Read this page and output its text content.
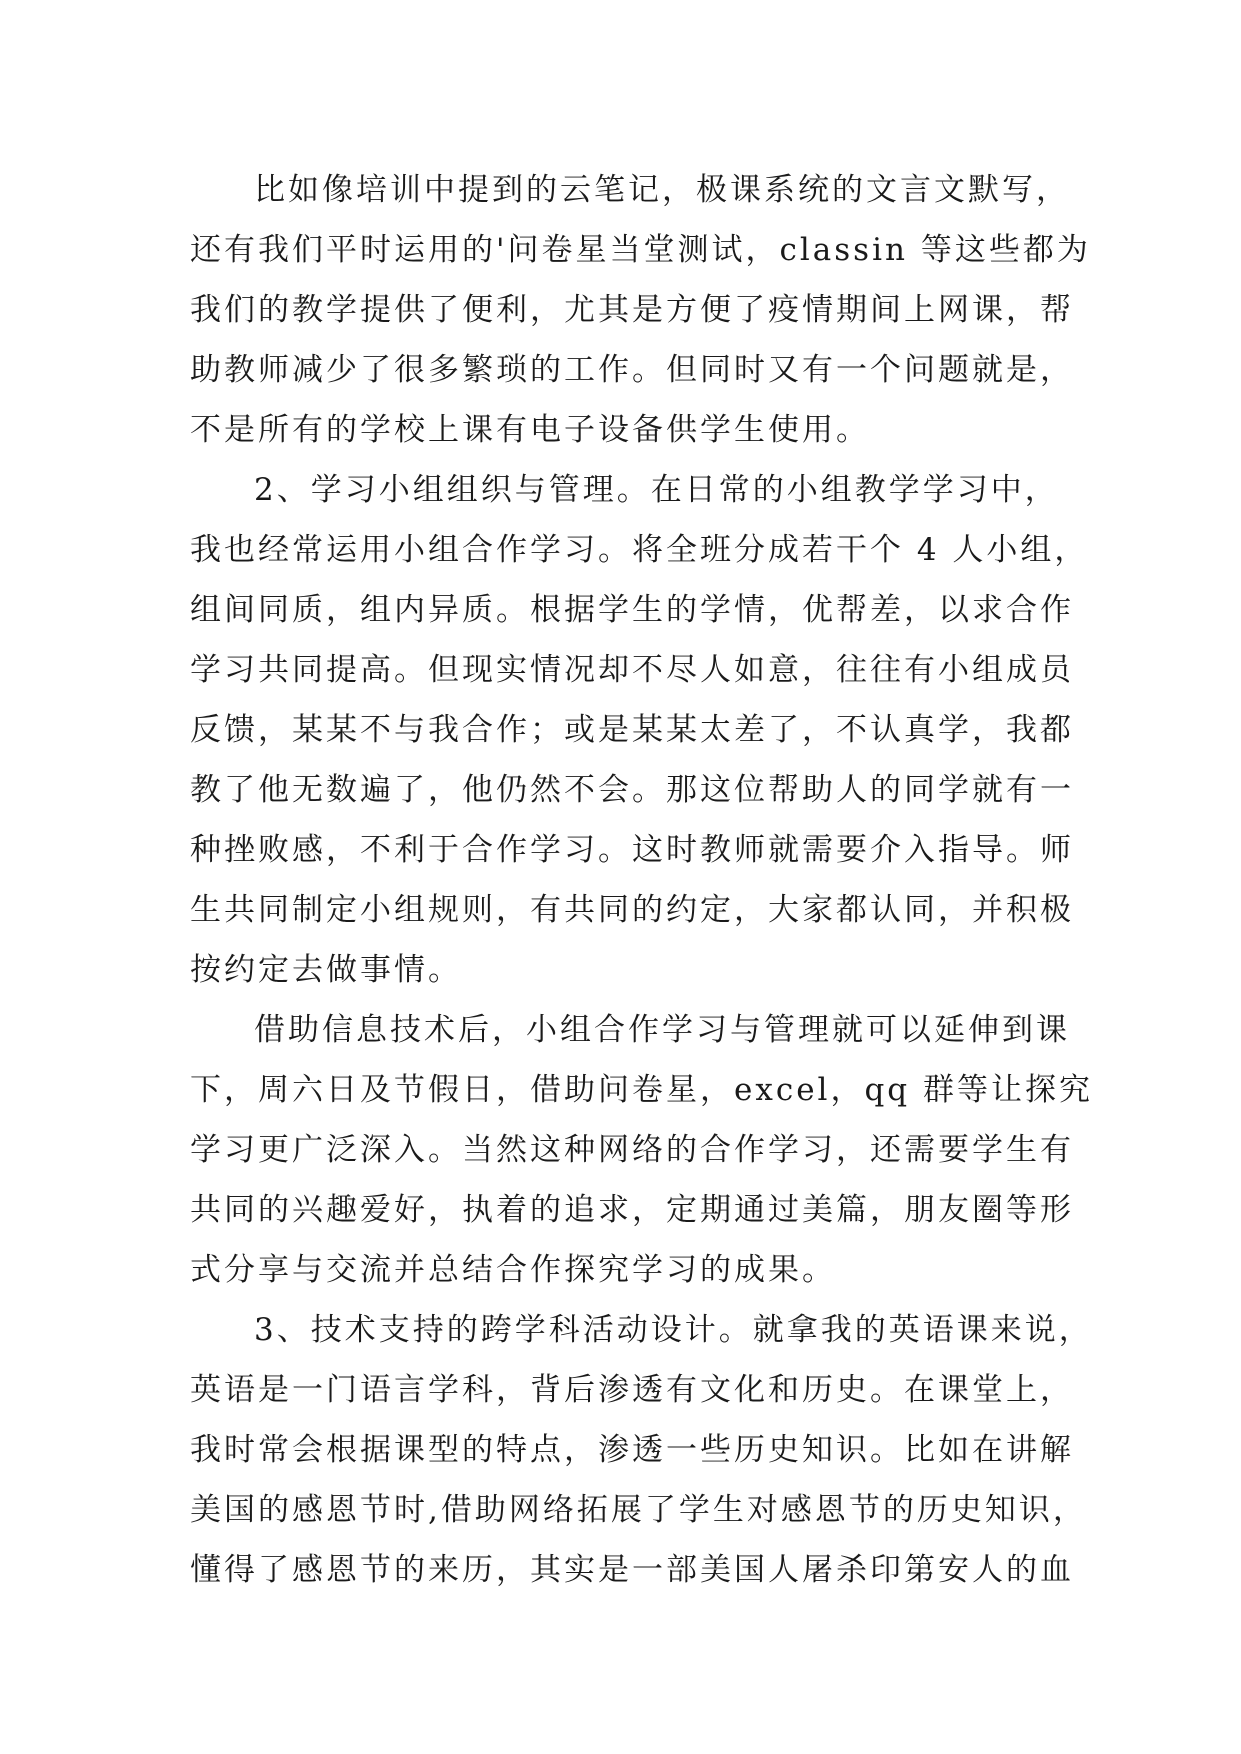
比如像培训中提到的云笔记，极课系统的文言文默写，
还有我们平时运用的'问卷星当堂测试，classin 等这些都为
我们的教学提供了便利，尤其是方便了疫情期间上网课，帮
助教师减少了很多繁琐的工作。但同时又有一个问题就是，
不是所有的学校上课有电子设备供学生使用。
2、学习小组组织与管理。在日常的小组教学学习中，
我也经常运用小组合作学习。将全班分成若干个 4 人小组，
组间同质，组内异质。根据学生的学情，优帮差，以求合作
学习共同提高。但现实情况却不尽人如意，往往有小组成员
反馈，某某不与我合作；或是某某太差了，不认真学，我都
教了他无数遍了，他仍然不会。那这位帮助人的同学就有一
种挫败感，不利于合作学习。这时教师就需要介入指导。师
生共同制定小组规则，有共同的约定，大家都认同，并积极
按约定去做事情。
借助信息技术后，小组合作学习与管理就可以延伸到课
下，周六日及节假日，借助问卷星，excel，qq 群等让探究
学习更广泛深入。当然这种网络的合作学习，还需要学生有
共同的兴趣爱好，执着的追求，定期通过美篇，朋友圈等形
式分享与交流并总结合作探究学习的成果。
3、技术支持的跨学科活动设计。就拿我的英语课来说，
英语是一门语言学科，背后渗透有文化和历史。在课堂上，
我时常会根据课型的特点，渗透一些历史知识。比如在讲解
美国的感恩节时,借助网络拓展了学生对感恩节的历史知识，
懂得了感恩节的来历，其实是一部美国人屠杀印第安人的血
